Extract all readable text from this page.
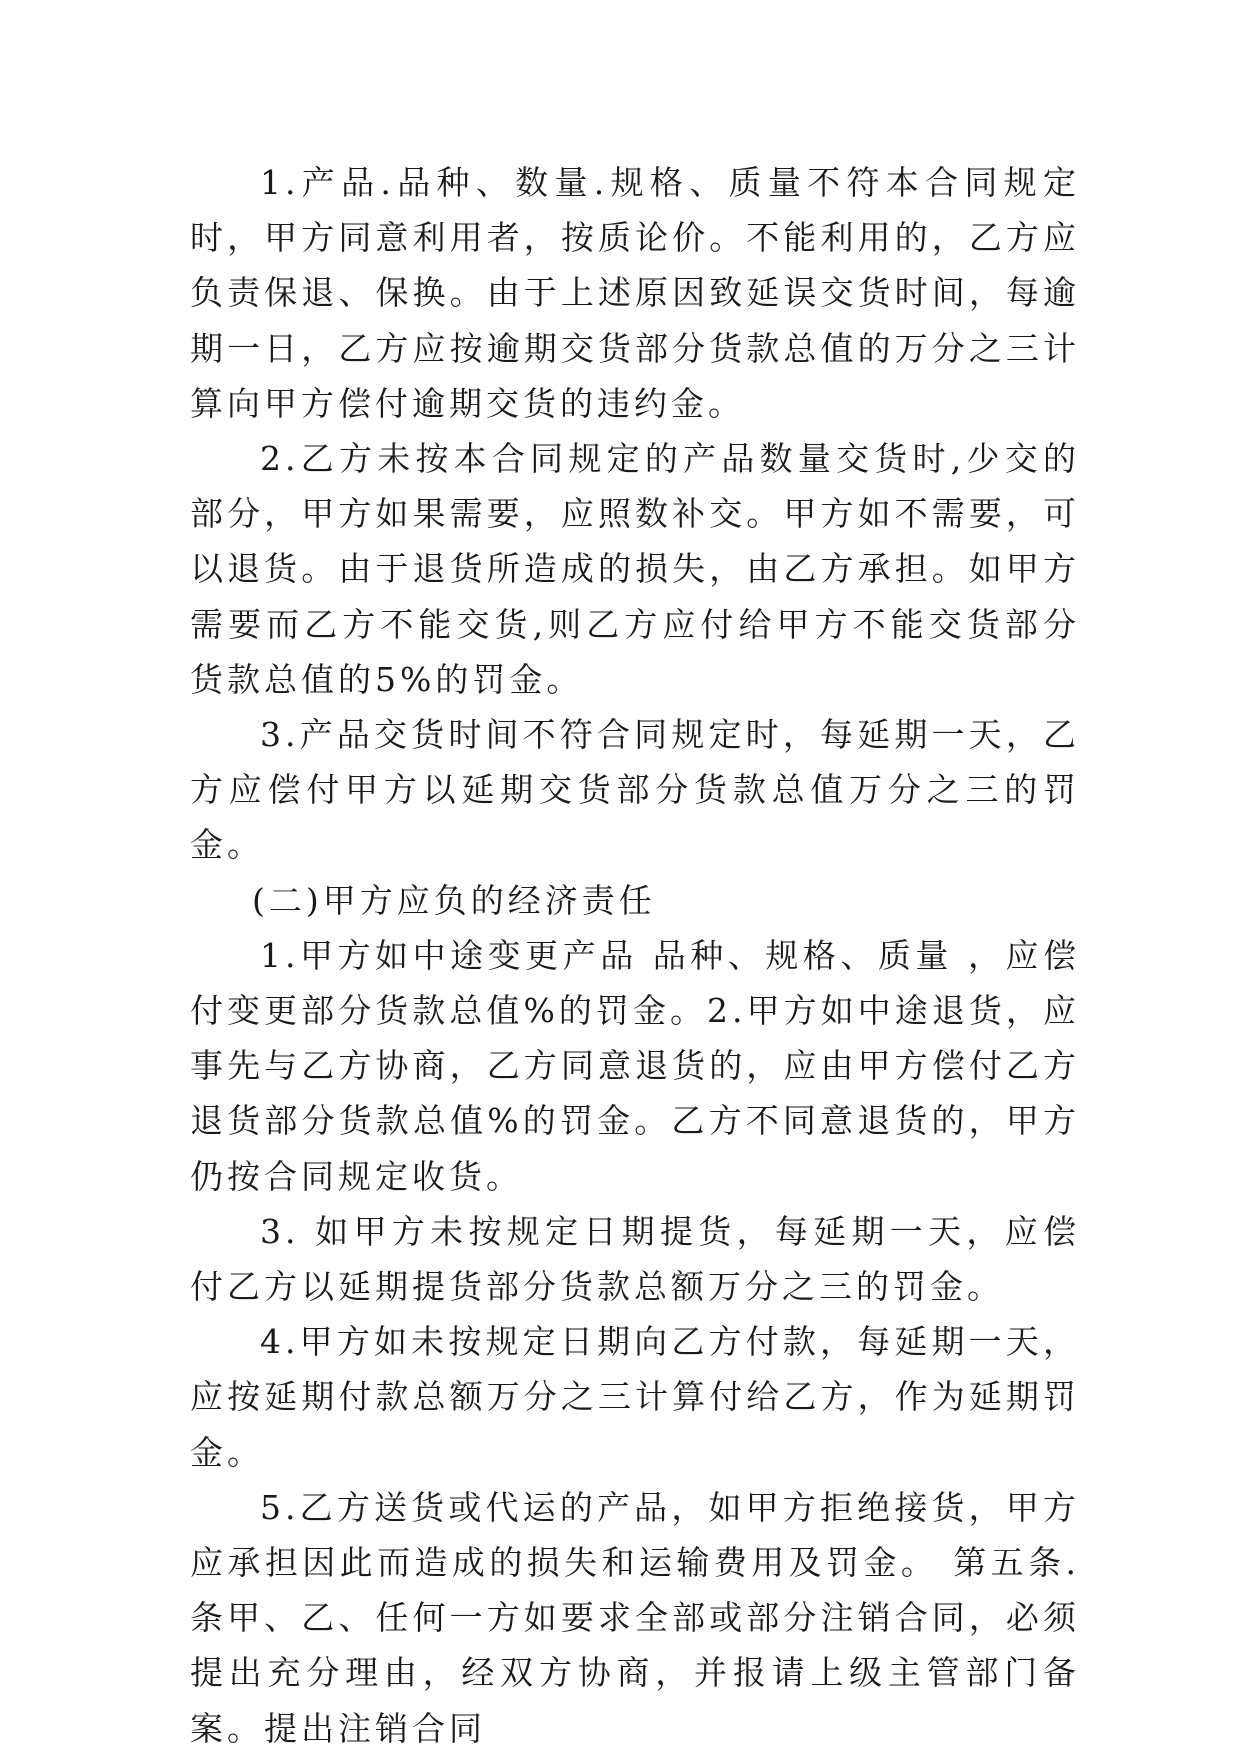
1.产品.品种、数量.规格、质量不符本合同规定时，甲方同意利用者，按质论价。不能利用的，乙方应负责保退、保换。由于上述原因致延误交货时间，每逾期一日，乙方应按逾期交货部分货款总值的万分之三计算向甲方偿付逾期交货的违约金。

2.乙方未按本合同规定的产品数量交货时,少交的部分，甲方如果需要，应照数补交。甲方如不需要，可以退货。由于退货所造成的损失，由乙方承担。如甲方需要而乙方不能交货,则乙方应付给甲方不能交货部分货款总值的5%的罚金。

3.产品交货时间不符合同规定时，每延期一天，乙方应偿付甲方以延期交货部分货款总值万分之三的罚金。

(二)甲方应负的经济责任

1.甲方如中途变更产品 品种、规格、质量 ，应偿付变更部分货款总值%的罚金。2.甲方如中途退货，应事先与乙方协商，乙方同意退货的，应由甲方偿付乙方退货部分货款总值%的罚金。乙方不同意退货的，甲方仍按合同规定收货。

3. 如甲方未按规定日期提货，每延期一天，应偿付乙方以延期提货部分货款总额万分之三的罚金。

4.甲方如未按规定日期向乙方付款，每延期一天，应按延期付款总额万分之三计算付给乙方，作为延期罚金。

5.乙方送货或代运的产品，如甲方拒绝接货，甲方应承担因此而造成的损失和运输费用及罚金。 第五条.条甲、乙、任何一方如要求全部或部分注销合同，必须提出充分理由，经双方协商，并报请上级主管部门备案。提出注销合同
